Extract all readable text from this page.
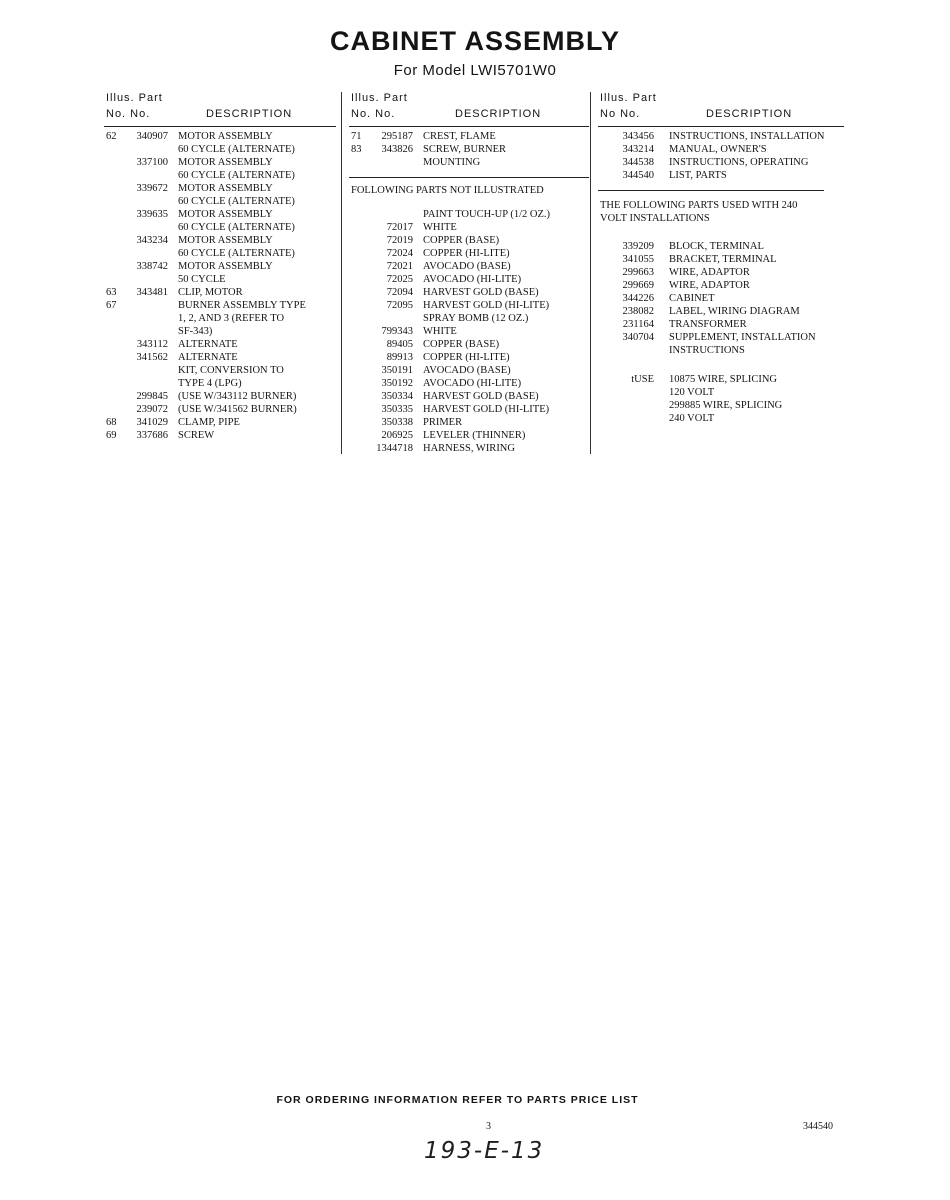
CABINET ASSEMBLY
For Model LWI5701W0
Illus. Part
No. No.	DESCRIPTION
62	340907 MOTOR ASSEMBLY
60 CYCLE (ALTERNATE)
337100 MOTOR ASSEMBLY
60 CYCLE (ALTERNATE)
339672 MOTOR ASSEMBLY
60 CYCLE (ALTERNATE)
339635 MOTOR ASSEMBLY
60 CYCLE (ALTERNATE)
343234 MOTOR ASSEMBLY
60 CYCLE (ALTERNATE)
338742 MOTOR ASSEMBLY
50 CYCLE
63	343481 CLIP, MOTOR
67	BURNER ASSEMBLY TYPE
1, 2, AND 3 (REFER TO
SF-343)
343112 ALTERNATE
341562 ALTERNATE
KIT, CONVERSION TO
TYPE 4 (LPG)
299845 (USE W/343112 BURNER)
239072 (USE W/341562 BURNER)
68	341029 CLAMP, PIPE
69	337686 SCREW
Illus. Part
No. No.	DESCRIPTION
71	295187 CREST, FLAME
83	343826 SCREW, BURNER
MOUNTING
FOLLOWING PARTS NOT ILLUSTRATED
PAINT TOUCH-UP (1/2 OZ.)
72017 WHITE
72019 COPPER (BASE)
72024 COPPER (HI-LITE)
72021 AVOCADO (BASE)
72025 AVOCADO (HI-LITE)
72094 HARVEST GOLD (BASE)
72095 HARVEST GOLD (HI-LITE)
SPRAY BOMB (12 OZ.)
799343 WHITE
89405 COPPER (BASE)
89913 COPPER (HI-LITE)
350191 AVOCADO (BASE)
350192 AVOCADO (HI-LITE)
350334 HARVEST GOLD (BASE)
350335 HARVEST GOLD (HI-LITE)
350338 PRIMER
206925 LEVELER (THINNER)
1344718 HARNESS, WIRING
Illus. Part
No No.	DESCRIPTION
343456 INSTRUCTIONS, INSTALLATION
343214 MANUAL, OWNER'S
344538 INSTRUCTIONS, OPERATING
344540 LIST, PARTS
THE FOLLOWING PARTS USED WITH 240
VOLT INSTALLATIONS
339209 BLOCK, TERMINAL
341055 BRACKET, TERMINAL
299663 WIRE, ADAPTOR
299669 WIRE, ADAPTOR
344226 CABINET
238082 LABEL, WIRING DIAGRAM
231164 TRANSFORMER
340704 SUPPLEMENT, INSTALLATION
INSTRUCTIONS
tUSE 10875 WIRE, SPLICING
120 VOLT
299885 WIRE, SPLICING
240 VOLT
FOR ORDERING INFORMATION REFER TO PARTS PRICE LIST
3	344540
193-E-13
